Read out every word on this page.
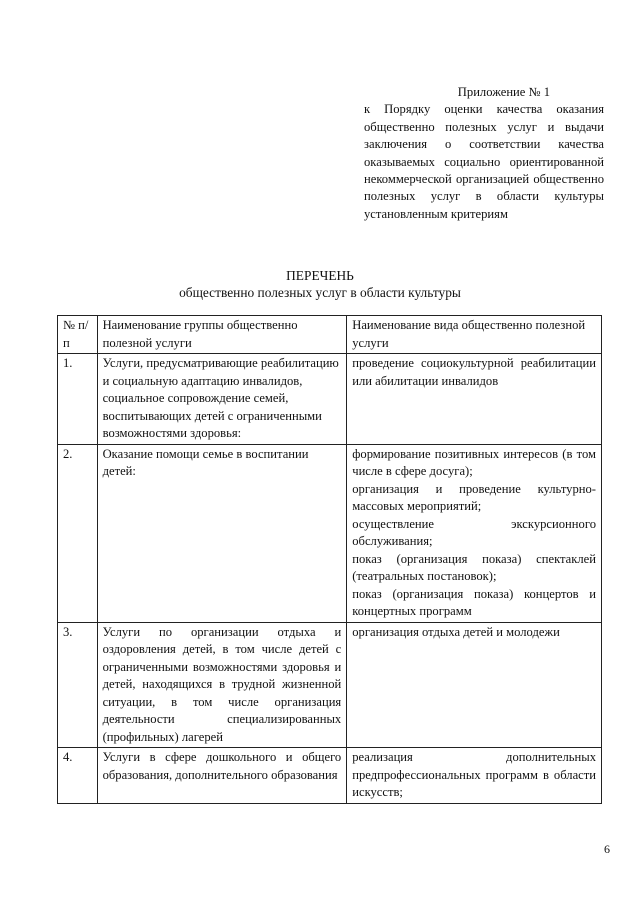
Приложение № 1
к Порядку оценки качества оказания общественно полезных услуг и выдачи заключения о соответствии качества оказываемых социально ориентированной некоммерческой организацией общественно полезных услуг в области культуры установленным критериям
ПЕРЕЧЕНЬ
общественно полезных услуг в области культуры
№ п/п	Наименование группы общественно полезной услуги	Наименование вида общественно полезной услуги
1.	Услуги, предусматривающие реабилитацию и социальную адаптацию инвалидов, социальное сопровождение семей, воспитывающих детей с ограниченными возможностями здоровья:	проведение социокультурной реабилитации или абилитации инвалидов

2.	Оказание помощи семье в воспитании детей:	формирование позитивных интересов (в том числе в сфере досуга);
организация и проведение культурно-массовых мероприятий;
осуществление экскурсионного обслуживания;
показ (организация показа) спектаклей (театральных постановок);
показ (организация показа) концертов и концертных программ

3.	Услуги по организации отдыха и оздоровления детей, в том числе детей с ограниченными возможностями здоровья и детей, находящихся в трудной жизненной ситуации, в том числе организация деятельности специализированных (профильных) лагерей	организация отдыха детей и молодежи

4.	Услуги в сфере дошкольного и общего образования, дополнительного образования	реализация дополнительных предпрофессиональных программ в области искусств;
6
